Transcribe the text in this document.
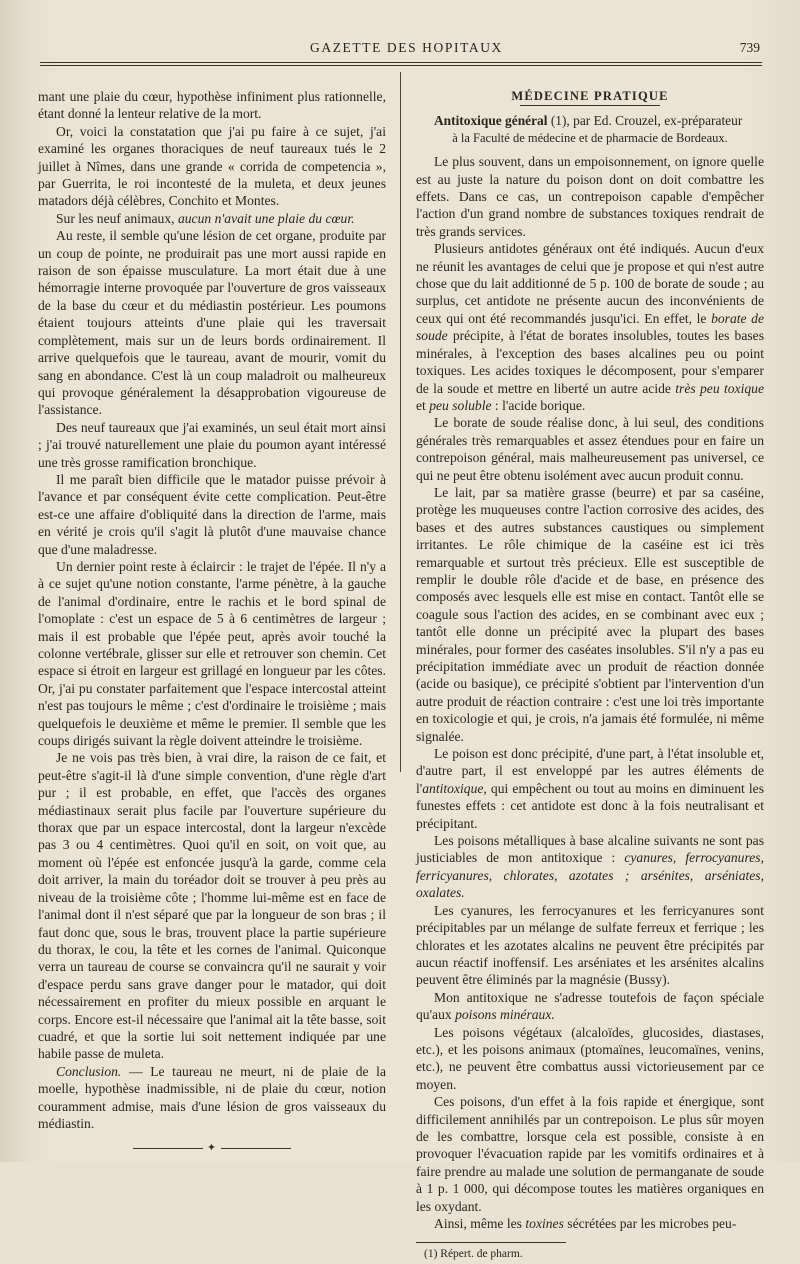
GAZETTE DES HOPITAUX	739

mant une plaie du cœur, hypothèse infiniment plus rationnelle, étant donné la lenteur relative de la mort.

Or, voici la constatation que j'ai pu faire à ce sujet, j'ai examiné les organes thoraciques de neuf taureaux tués le 2 juillet à Nîmes, dans une grande « corrida de competencia », par Guerrita, le roi incontesté de la muleta, et deux jeunes matadors déjà célèbres, Conchito et Montes.

Sur les neuf animaux, aucun n'avait une plaie du cœur.

Au reste, il semble qu'une lésion de cet organe, produite par un coup de pointe, ne produirait pas une mort aussi rapide en raison de son épaisse musculature. La mort était due à une hémorragie interne provoquée par l'ouverture de gros vaisseaux de la base du cœur et du médiastin postérieur. Les poumons étaient toujours atteints d'une plaie qui les traversait complètement, mais sur un de leurs bords ordinairement. Il arrive quelquefois que le taureau, avant de mourir, vomit du sang en abondance. C'est là un coup maladroit ou malheureux qui provoque généralement la désapprobation vigoureuse de l'assistance.

Des neuf taureaux que j'ai examinés, un seul était mort ainsi ; j'ai trouvé naturellement une plaie du poumon ayant intéressé une très grosse ramification bronchique.

Il me paraît bien difficile que le matador puisse prévoir à l'avance et par conséquent évite cette complication. Peut-être est-ce une affaire d'obliquité dans la direction de l'arme, mais en vérité je crois qu'il s'agit là plutôt d'une mauvaise chance que d'une maladresse.

Un dernier point reste à éclaircir : le trajet de l'épée. Il n'y a à ce sujet qu'une notion constante, l'arme pénètre, à la gauche de l'animal d'ordinaire, entre le rachis et le bord spinal de l'omoplate : c'est un espace de 5 à 6 centimètres de largeur ; mais il est probable que l'épée peut, après avoir touché la colonne vertébrale, glisser sur elle et retrouver son chemin. Cet espace si étroit en largeur est grillagé en longueur par les côtes. Or, j'ai pu constater parfaitement que l'espace intercostal atteint n'est pas toujours le même ; c'est d'ordinaire le troisième ; mais quelquefois le deuxième et même le premier. Il semble que les coups dirigés suivant la règle doivent atteindre le troisième.

Je ne vois pas très bien, à vrai dire, la raison de ce fait, et peut-être s'agit-il là d'une simple convention, d'une règle d'art pur ; il est probable, en effet, que l'accès des organes médiastinaux serait plus facile par l'ouverture supérieure du thorax que par un espace intercostal, dont la largeur n'excède pas 3 ou 4 centimètres. Quoi qu'il en soit, on voit que, au moment où l'épée est enfoncée jusqu'à la garde, comme cela doit arriver, la main du toréador doit se trouver à peu près au niveau de la troisième côte ; l'homme lui-même est en face de l'animal dont il n'est séparé que par la longueur de son bras ; il faut donc que, sous le bras, trouvent place la partie supérieure du thorax, le cou, la tête et les cornes de l'animal. Quiconque verra un taureau de course se convaincra qu'il ne saurait y voir d'espace perdu sans grave danger pour le matador, qui doit nécessairement en profiter du mieux possible en arquant le corps. Encore est-il nécessaire que l'animal ait la tête basse, soit cuadré, et que la sortie lui soit nettement indiquée par une habile passe de muleta.

Conclusion. — Le taureau ne meurt, ni de plaie de la moelle, hypothèse inadmissible, ni de plaie du cœur, notion couramment admise, mais d'une lésion de gros vaisseaux du médiastin.

✦

MÉDECINE PRATIQUE

Antitoxique général (1), par Ed. Crouzel, ex-préparateur

à la Faculté de médecine et de pharmacie de Bordeaux.

Le plus souvent, dans un empoisonnement, on ignore quelle est au juste la nature du poison dont on doit combattre les effets. Dans ce cas, un contrepoison capable d'empêcher l'action d'un grand nombre de substances toxiques rendrait de très grands services.

Plusieurs antidotes généraux ont été indiqués. Aucun d'eux ne réunit les avantages de celui que je propose et qui n'est autre chose que du lait additionné de 5 p. 100 de borate de soude ; au surplus, cet antidote ne présente aucun des inconvénients de ceux qui ont été recommandés jusqu'ici. En effet, le borate de soude précipite, à l'état de borates insolubles, toutes les bases minérales, à l'exception des bases alcalines peu ou point toxiques. Les acides toxiques le décomposent, pour s'emparer de la soude et mettre en liberté un autre acide très peu toxique et peu soluble : l'acide borique.

Le borate de soude réalise donc, à lui seul, des conditions générales très remarquables et assez étendues pour en faire un contrepoison général, mais malheureusement pas universel, ce qui ne peut être obtenu isolément avec aucun produit connu.

Le lait, par sa matière grasse (beurre) et par sa caséine, protège les muqueuses contre l'action corrosive des acides, des bases et des autres substances caustiques ou simplement irritantes. Le rôle chimique de la caséine est ici très remarquable et surtout très précieux. Elle est susceptible de remplir le double rôle d'acide et de base, en présence des composés avec lesquels elle est mise en contact. Tantôt elle se coagule sous l'action des acides, en se combinant avec eux ; tantôt elle donne un précipité avec la plupart des bases minérales, pour former des caséates insolubles. S'il n'y a pas eu précipitation immédiate avec un produit de réaction donnée (acide ou basique), ce précipité s'obtient par l'intervention d'un autre produit de réaction contraire : c'est une loi très importante en toxicologie et qui, je crois, n'a jamais été formulée, ni même signalée.

Le poison est donc précipité, d'une part, à l'état insoluble et, d'autre part, il est enveloppé par les autres éléments de l'antitoxique, qui empêchent ou tout au moins en diminuent les funestes effets : cet antidote est donc à la fois neutralisant et précipitant.

Les poisons métalliques à base alcaline suivants ne sont pas justiciables de mon antitoxique : cyanures, ferrocyanures, ferricyanures, chlorates, azotates ; arsénites, arséniates, oxalates.

Les cyanures, les ferrocyanures et les ferricyanures sont précipitables par un mélange de sulfate ferreux et ferrique ; les chlorates et les azotates alcalins ne peuvent être précipités par aucun réactif inoffensif. Les arséniates et les arsénites alcalins peuvent être éliminés par la magnésie (Bussy).

Mon antitoxique ne s'adresse toutefois de façon spéciale qu'aux poisons minéraux.

Les poisons végétaux (alcaloïdes, glucosides, diastases, etc.), et les poisons animaux (ptomaïnes, leucomaïnes, venins, etc.), ne peuvent être combattus aussi victorieusement par ce moyen.

Ces poisons, d'un effet à la fois rapide et énergique, sont difficilement annihilés par un contrepoison. Le plus sûr moyen de les combattre, lorsque cela est possible, consiste à en provoquer l'évacuation rapide par les vomitifs ordinaires et à faire prendre au malade une solution de permanganate de soude à 1 p. 1 000, qui décompose toutes les matières organiques en les oxydant.

Ainsi, même les toxines sécrétées par les microbes peu-

(1) Répert. de pharm.
